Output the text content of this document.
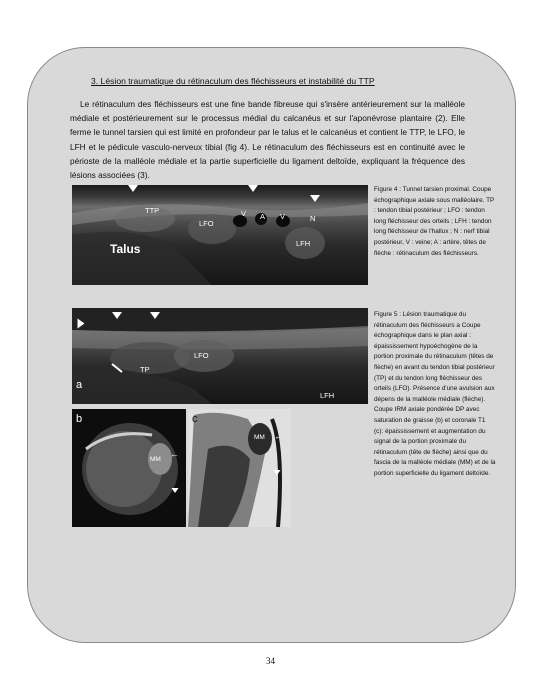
3. Lésion traumatique du rétinaculum des fléchisseurs et instabilité du TTP
Le rétinaculum des fléchisseurs est une fine bande fibreuse qui s'insère antérieurement sur la malléole médiale et postérieurement sur le processus médial du calcanéus et sur l'aponévrose plantaire (2). Elle ferme le tunnel tarsien qui est limité en profondeur par le talus et le calcanéus et contient le TTP, le LFO, le LFH et le pédicule vasculo-nerveux tibial (fig 4). Le rétinaculum des fléchisseurs est en continuité avec le périoste de la malléole médiale et la partie superficielle du ligament deltoïde, expliquant la fréquence des lésions associées (3).
TTP
LFO
V A V	N
Talus	LFH
Figure 4 : Tunnel tarsien proximal. Coupe échographique axiale sous malléolaire. TP : tendon tibial postérieur ; LFO : tendon long fléchisseur des orteils ; LFH : tendon long fléchisseur de l'hallux ; N : nerf tibial postérieur, V : veine; A : artère, têtes de flèche : rétinaculum des fléchisseurs.
LFO
TP
a
LFH
b
MM
←
c
MM ←
Figure 5 : Lésion traumatique du rétinaculum des fléchisseurs a Coupe échographique dans le plan axial : épaississement hypoéchogène de la portion proximale du rétinaculum (têtes de flèche) en avant du tendon tibial postérieur (TP) et du tendon long fléchisseur des orteils (LFO). Présence d'une avulsion aux dépens de la malléole médiale (flèche). Coupe IRM axiale pondérée DP avec saturation de graisse (b) et coronale T1 (c): épaississement et augmentation du signal de la portion proximale du rétinaculum (tête de flèche) ainsi que du fascia de la malléole médiale (MM) et de la portion superficielle du ligament deltoïde.
34
